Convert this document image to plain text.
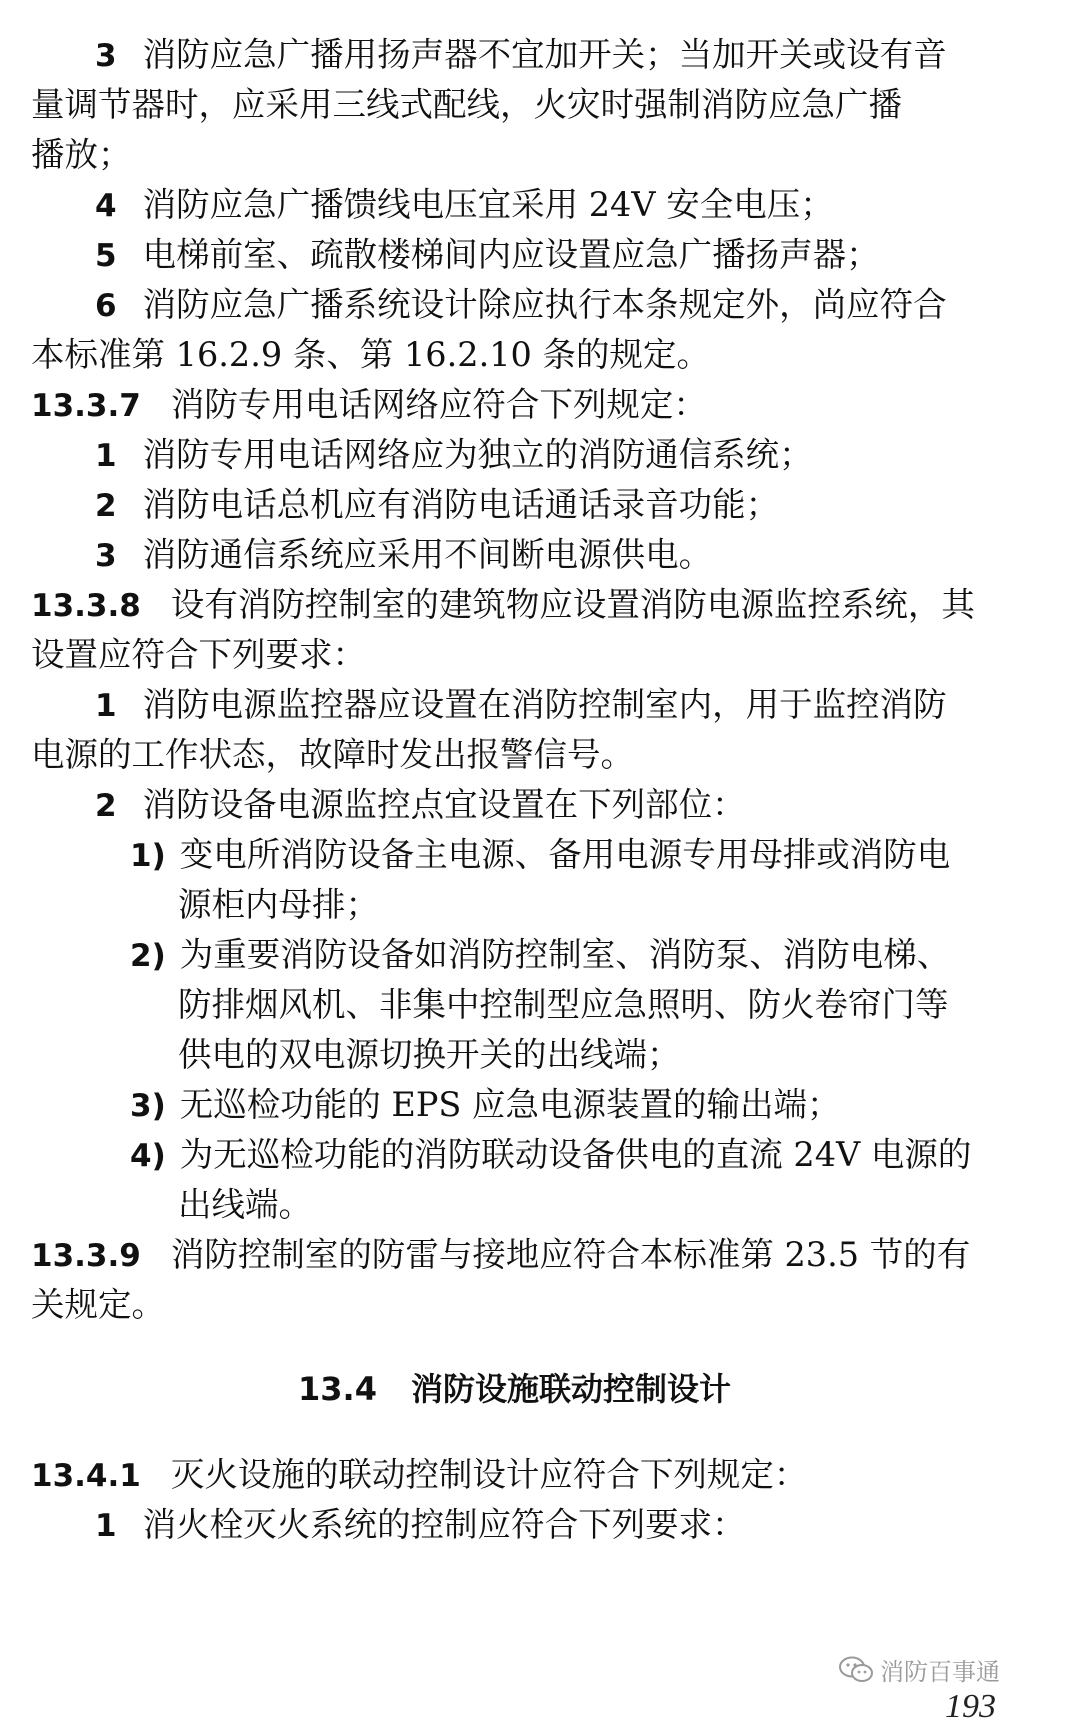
3 消防应急广播用扬声器不宜加开关；当加开关或设有音
量调节器时，应采用三线式配线，火灾时强制消防应急广播
播放；
4 消防应急广播馈线电压宜采用 24V 安全电压；
5 电梯前室、疏散楼梯间内应设置应急广播扬声器；
6 消防应急广播系统设计除应执行本条规定外，尚应符合
本标准第 16.2.9 条、第 16.2.10 条的规定。
13.3.7 消防专用电话网络应符合下列规定：
1 消防专用电话网络应为独立的消防通信系统；
2 消防电话总机应有消防电话通话录音功能；
3 消防通信系统应采用不间断电源供电。
13.3.8 设有消防控制室的建筑物应设置消防电源监控系统，其
设置应符合下列要求：
1 消防电源监控器应设置在消防控制室内，用于监控消防
电源的工作状态，故障时发出报警信号。
2 消防设备电源监控点宜设置在下列部位：
1) 变电所消防设备主电源、备用电源专用母排或消防电
源柜内母排；
2) 为重要消防设备如消防控制室、消防泵、消防电梯、
防排烟风机、非集中控制型应急照明、防火卷帘门等
供电的双电源切换开关的出线端；
3) 无巡检功能的 EPS 应急电源装置的输出端；
4) 为无巡检功能的消防联动设备供电的直流 24V 电源的
出线端。
13.3.9 消防控制室的防雷与接地应符合本标准第 23.5 节的有
关规定。
13.4 消防设施联动控制设计
13.4.1 灭火设施的联动控制设计应符合下列规定：
1 消火栓灭火系统的控制应符合下列要求：
消防百事通
193
